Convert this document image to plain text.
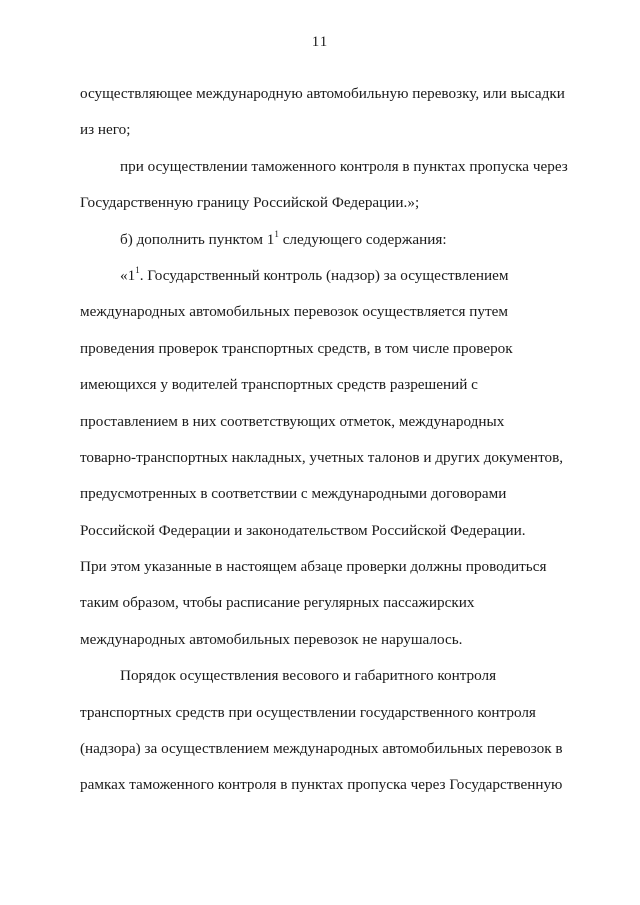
11
осуществляющее международную автомобильную перевозку, или высадки
из него;
при осуществлении таможенного контроля в пунктах пропуска через
Государственную границу Российской Федерации.»;
б) дополнить пунктом $1^1$ следующего содержания:
«$1^1$. Государственный контроль (надзор) за осуществлением
международных автомобильных перевозок осуществляется путем
проведения проверок транспортных средств, в том числе проверок
имеющихся у водителей транспортных средств разрешений с
проставлением в них соответствующих отметок, международных
товарно-транспортных накладных, учетных талонов и других документов,
предусмотренных в соответствии с международными договорами
Российской Федерации и законодательством Российской Федерации.
При этом указанные в настоящем абзаце проверки должны проводиться
таким образом, чтобы расписание регулярных пассажирских
международных автомобильных перевозок не нарушалось.
Порядок осуществления весового и габаритного контроля
транспортных средств при осуществлении государственного контроля
(надзора) за осуществлением международных автомобильных перевозок в
рамках таможенного контроля в пунктах пропуска через Государственную
